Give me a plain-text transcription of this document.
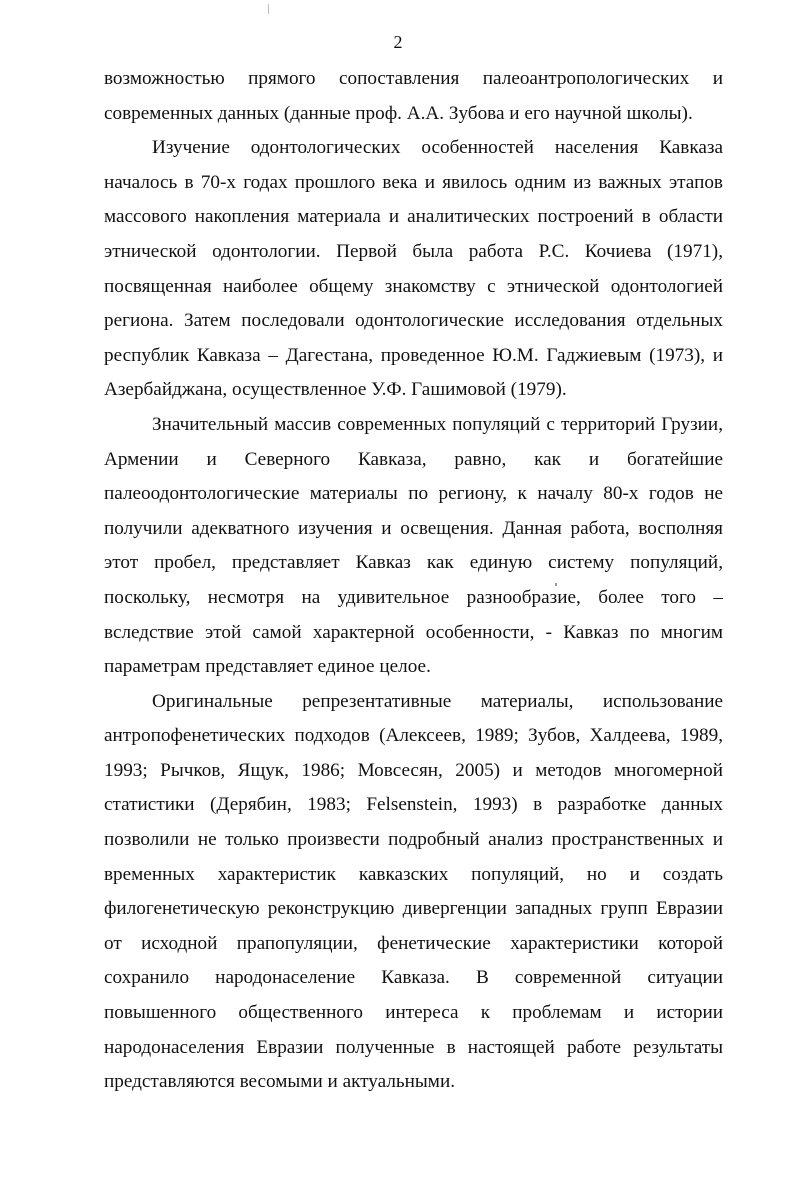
2
возможностью прямого сопоставления палеоантропологических и
современных данных (данные проф. А.А. Зубова и его научной школы).
Изучение одонтологических особенностей населения Кавказа
началось в 70-х годах прошлого века и явилось одним из важных этапов
массового накопления материала и аналитических построений в области
этнической одонтологии. Первой была работа Р.С. Кочиева (1971),
посвященная наиболее общему знакомству с этнической одонтологией
региона. Затем последовали одонтологические исследования отдельных
республик Кавказа – Дагестана, проведенное Ю.М. Гаджиевым (1973), и
Азербайджана, осуществленное У.Ф. Гашимовой (1979).
Значительный массив современных популяций с территорий Грузии,
Армении и Северного Кавказа, равно, как и богатейшие
палеоодонтологические материалы по региону, к началу 80-х годов не
получили адекватного изучения и освещения. Данная работа, восполняя
этот пробел, представляет Кавказ как единую систему популяций,
поскольку, несмотря на удивительное разнообразие, более того –
вследствие этой самой характерной особенности, - Кавказ по многим
параметрам представляет единое целое.
Оригинальные репрезентативные материалы, использование
антропофенетических подходов (Алексеев, 1989; Зубов, Халдеева, 1989,
1993; Рычков, Ящук, 1986; Мовсесян, 2005) и методов многомерной
статистики (Дерябин, 1983; Felsenstein, 1993) в разработке данных
позволили не только произвести подробный анализ пространственных и
временных характеристик кавказских популяций, но и создать
филогенетическую реконструкцию дивергенции западных групп Евразии
от исходной прапопуляции, фенетические характеристики которой
сохранило народонаселение Кавказа. В современной ситуации
повышенного общественного интереса к проблемам и истории
народонаселения Евразии полученные в настоящей работе результаты
представляются весомыми и актуальными.
